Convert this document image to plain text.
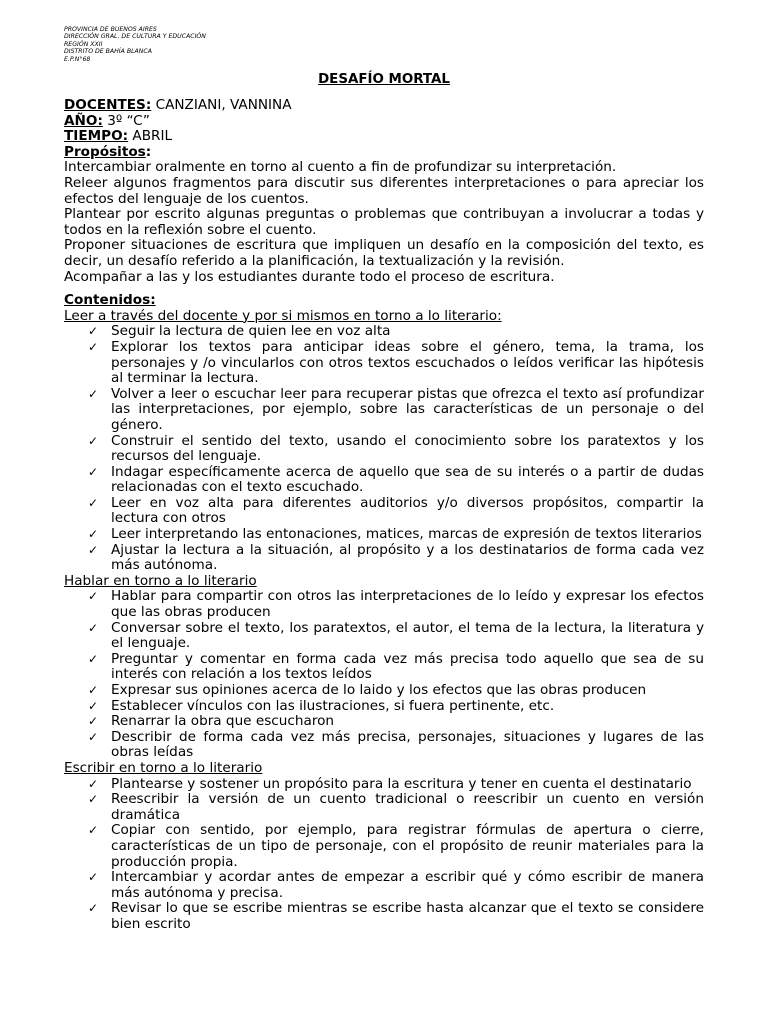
PROVINCIA DE BUENOS AIRES
DIRECCIÓN GRAL. DE CULTURA Y EDUCACIÓN
REGIÓN XXII
DISTRITO DE BAHÍA BLANCA
E.P.N°68
DESAFÍO MORTAL
DOCENTES: CANZIANI, VANNINA
AÑO: 3º “C”
TIEMPO: ABRIL
Propósitos:
Intercambiar oralmente en torno al cuento a fin de profundizar su interpretación.
Releer algunos fragmentos para discutir sus diferentes interpretaciones o para apreciar los efectos del lenguaje de los cuentos.
Plantear por escrito algunas preguntas o problemas que contribuyan a involucrar a todas y todos en la reflexión sobre el cuento.
Proponer situaciones de escritura que impliquen un desafío en la composición del texto, es decir, un desafío referido a la planificación, la textualización y la revisión.
Acompañar a las y los estudiantes durante todo el proceso de escritura.
Contenidos:
Leer a través del docente y por si mismos en torno a lo literario:
✓ Seguir la lectura de quien lee en voz alta
✓ Explorar los textos para anticipar ideas sobre el género, tema, la trama, los personajes y /o vincularlos con otros textos escuchados o leídos verificar las hipótesis al terminar la lectura.
✓ Volver a leer o escuchar leer para recuperar pistas que ofrezca el texto así profundizar las interpretaciones, por ejemplo, sobre las características de un personaje o del género.
✓ Construir el sentido del texto, usando el conocimiento sobre los paratextos y los recursos del lenguaje.
✓ Indagar específicamente acerca de aquello que sea de su interés o a partir de dudas relacionadas con el texto escuchado.
✓ Leer en voz alta para diferentes auditorios y/o diversos propósitos, compartir la lectura con otros
✓ Leer interpretando las entonaciones, matices, marcas de expresión de textos literarios
✓ Ajustar la lectura a la situación, al propósito y a los destinatarios de forma cada vez más autónoma.
Hablar en torno a lo literario
✓ Hablar para compartir con otros las interpretaciones de lo leído y expresar los efectos que las obras producen
✓ Conversar sobre el texto, los paratextos, el autor, el tema de la lectura, la literatura y el lenguaje.
✓ Preguntar y comentar en forma cada vez más precisa todo aquello que sea de su interés con relación a los textos leídos
✓ Expresar sus opiniones acerca de lo laido y los efectos que las obras producen
✓ Establecer vínculos con las ilustraciones, si fuera pertinente, etc.
✓ Renarrar la obra que escucharon
✓ Describir de forma cada vez más precisa, personajes, situaciones y lugares de las obras leídas
Escribir en torno a lo literario
✓ Plantearse y sostener un propósito para la escritura y tener en cuenta el destinatario
✓ Reescribir la versión de un cuento tradicional o reescribir un cuento en versión dramática
✓ Copiar con sentido, por ejemplo, para registrar fórmulas de apertura o cierre, características de un tipo de personaje, con el propósito de reunir materiales para la producción propia.
✓ Intercambiar y acordar antes de empezar a escribir qué y cómo escribir de manera más autónoma y precisa.
✓ Revisar lo que se escribe mientras se escribe hasta alcanzar que el texto se considere bien escrito
